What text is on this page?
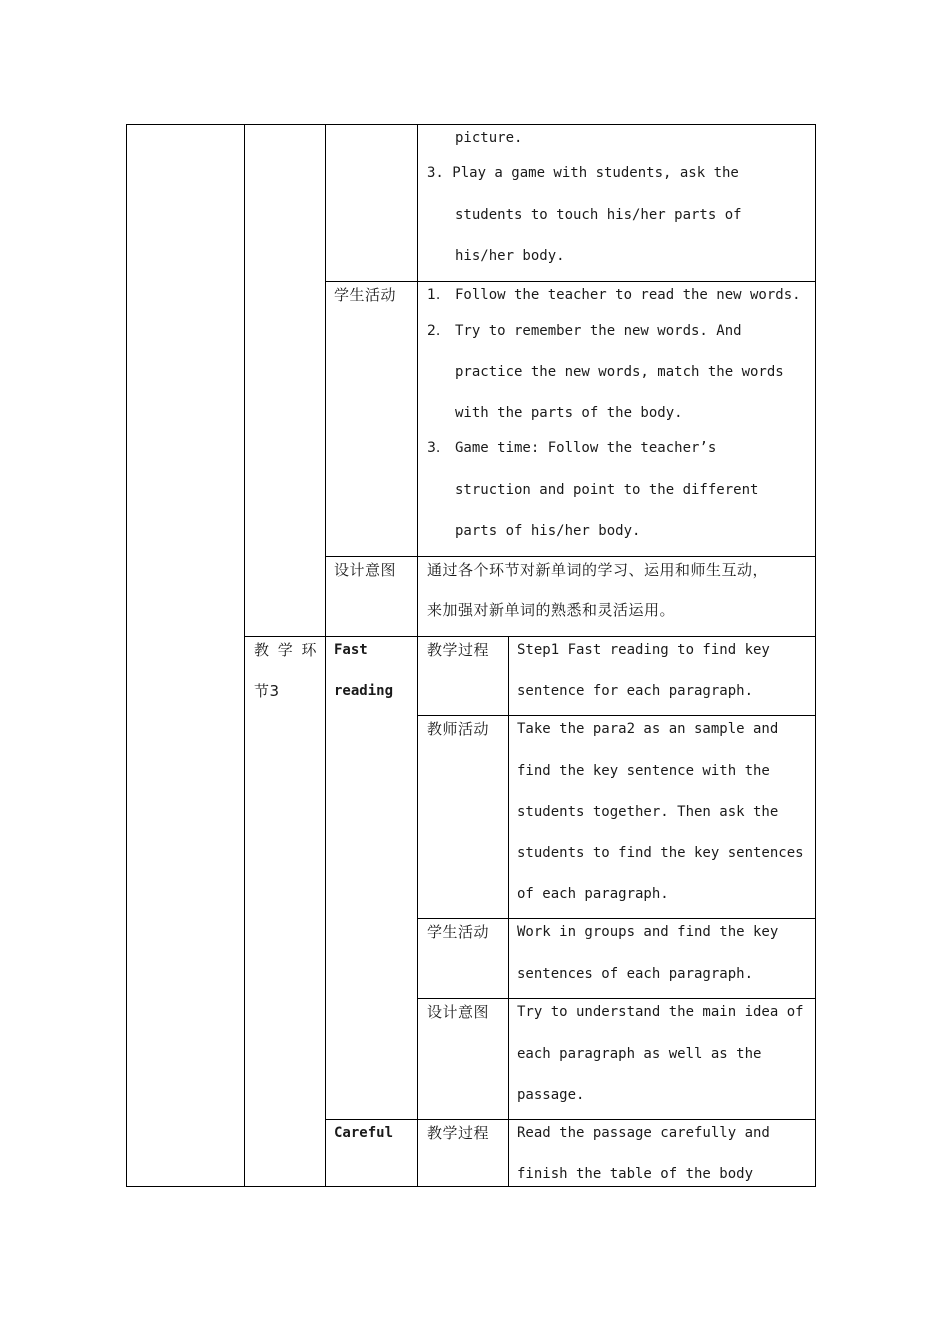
picture.
3. Play a game with students, ask the
students to touch his/her parts of
his/her body.
学生活动 1. Follow the teacher to read the new words.
2. Try to remember the new words. And
practice the new words, match the words
with the parts of the body.
3. Game time: Follow the teacher’s
struction and point to the different
parts of his/her body.
设计意图 通过各个环节对新单词的学习、运用和师生互动，
来加强对新单词的熟悉和灵活运用。
教 学 环
节3
Fast
reading
教学过程 Step1 Fast reading to find key
sentence for each paragraph.
教师活动 Take the para2 as an sample and
find the key sentence with the
students together. Then ask the
students to find the key sentences
of each paragraph.
学生活动 Work in groups and find the key
sentences of each paragraph.
设计意图 Try to understand the main idea of
each paragraph as well as the
passage.
Careful 教学过程 Read the passage carefully and
finish the table of the body
